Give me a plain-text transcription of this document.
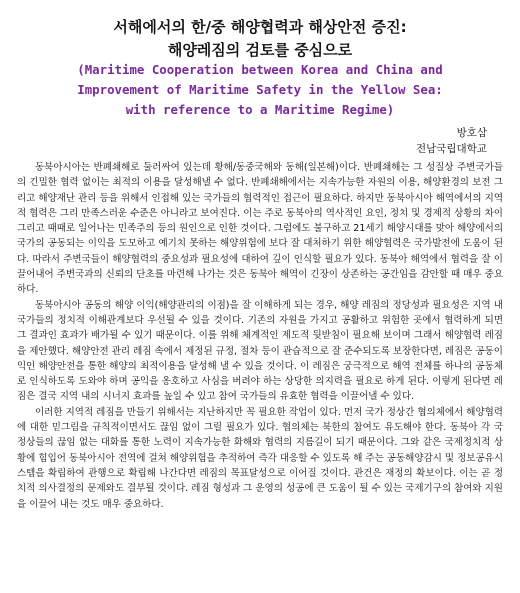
서해에서의 한/중 해양협력과 해상안전 증진:
해양레짐의 검토를 중심으로
(Maritime Cooperation between Korea and China and
Improvement of Maritime Safety in the Yellow Sea:
with reference to a Maritime Regime)
방호삼
전남국립대학교

동북아시아는 반폐쇄해로 둘러싸여 있는데 황해/동중국해와 동해(일본해)이다. 반폐쇄해는 그 성질상 주변국가들의 긴밀한 협력 없이는 최적의 이용을 달성해낼 수 없다. 반폐쇄해에서는 지속가능한 자원의 이용, 해양환경의 보전 그리고 해양재난 관리 등을 위해서 인접해 있는 국가들의 협력적인 접근이 필요하다. 하지만 동북아시아 해역에서의 지역적 협력은 그리 만족스러운 수준은 아니라고 보여진다. 이는 주로 동북아의 역사적인 요인, 정치 및 경제적 상황의 차이 그리고 때때로 일어나는 민족주의 등의 원인으로 인한 것이다. 그럼에도 불구하고 21세기 해양시대를 맞아 해양에서의 국가의 공동되는 이익을 도모하고 예기치 못하는 해양위험에 보다 잘 대처하기 위한 해양협력은 국가발전에 도움이 된다. 따라서 주변국들이 해양협력의 중요성과 필요성에 대하여 깊이 인식할 필요가 있다. 동북아 해역에서 협력을 잘 이끌어내어 주변국과의 신뢰의 단초를 마련해 나가는 것은 동북아 해역이 긴장이 상존하는 공간임을 감안할 때 매우 중요하다.

동북아시아 공동의 해양 이익(해양관리의 이점)을 잘 이해하게 되는 경우, 해양 레짐의 정당성과 필요성은 지역 내 국가들의 정치적 이해관계보다 우선될 수 있을 것이다. 기존의 자원을 가지고 공활하고 위험한 곳에서 협력하게 되면 그 결과인 효과가 배가될 수 있기 때문이다. 이를 위해 체계적인 제도적 뒷받침이 필요해 보이며 그래서 해양협력 레짐을 제안했다. 해양안전 관리 레짐 속에서 제정된 규정, 절차 등이 관습적으로 잘 준수되도록 보장한다면, 레짐은 공동이익인 해양안전을 통한 해양의 최적이용을 달성해 낼 수 있을 것이다. 이 레짐은 궁극적으로 해역 전체를 하나의 공동체로 인식하도록 도와야 하며 공익을 옹호하고 사심을 버려야 하는 상당한 의지력을 필요로 하게 된다. 이렇게 된다면 레짐은 결국 지역 내의 시너지 효과를 높일 수 있고 참여 국가들의 유효한 협력을 이끌어낼 수 있다.

이러한 지역적 레짐을 만들기 위해서는 지난하지만 꼭 필요한 작업이 있다. 먼저 국가 정상간 협의체에서 해양협력에 대한 믿그림을 규칙적이면서도 끊임 없이 그릴 필요가 있다. 협의체는 북한의 참여도 유도해야 한다. 동북아 각 국 정상들의 끊임 없는 대화를 통한 노력이 지속가능한 화해와 협력의 지름길이 되기 때문이다. 그와 같은 국제정치적 상황에 힘입어 동북아시아 전역에 걸쳐 해양위험을 추적하여 즉각 대응할 수 있도록 해 주는 공동해양감시 및 정보공유시스템을 확립하여 관행으로 확립해 나간다면 레짐의 목표달성으로 이어질 것이다. 관건은 재정의 확보이다. 이는 곧 정치적 의사결정의 문제와도 결부될 것이다. 레짐 형성과 그 운영의 성공에 큰 도움이 될 수 있는 국제기구의 참여와 지원을 이끌어 내는 것도 매우 중요하다.
